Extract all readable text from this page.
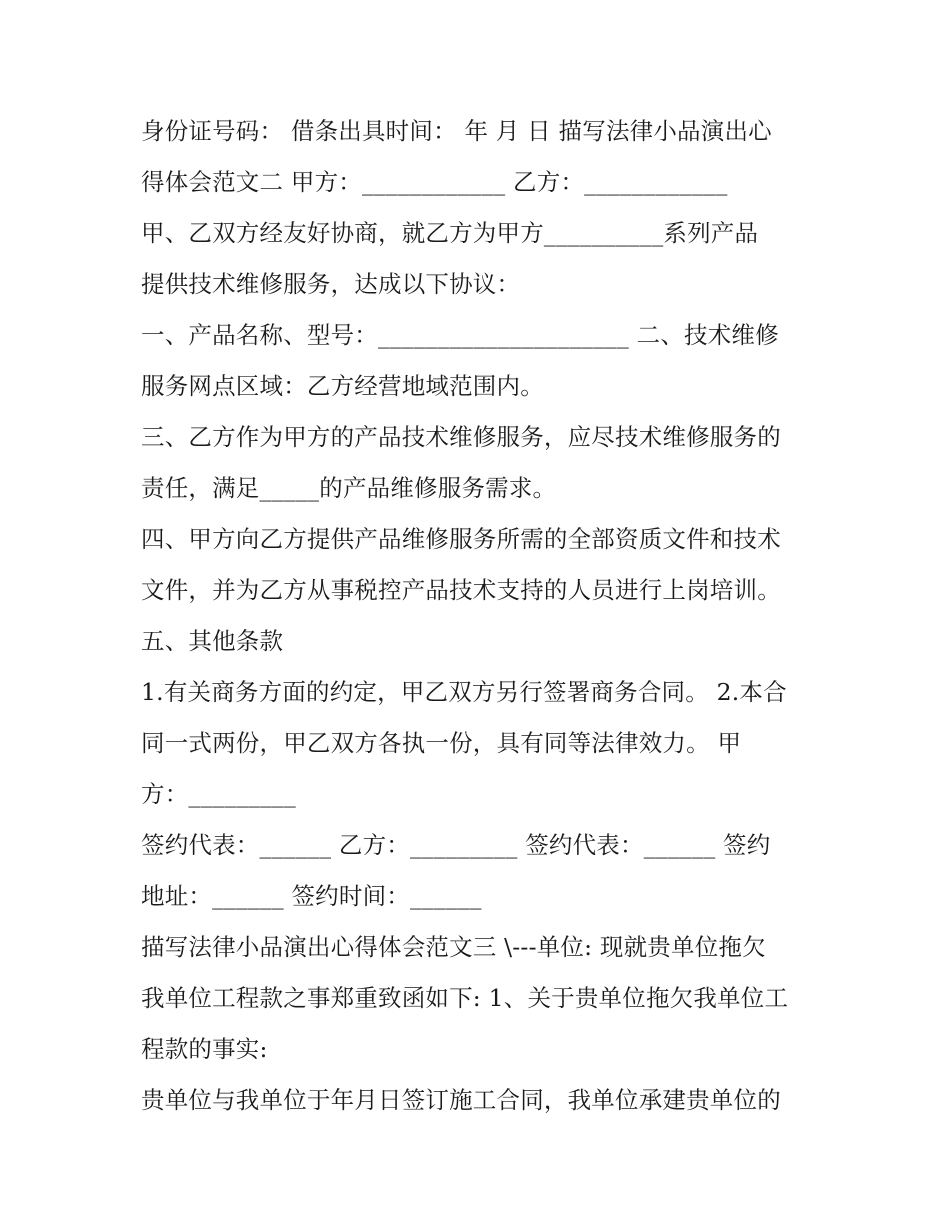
身份证号码： 借条出具时间： 年 月 日 描写法律小品演出心
得体会范文二 甲方：____________ 乙方：____________
甲、乙双方经友好协商，就乙方为甲方__________系列产品
提供技术维修服务，达成以下协议：
一、产品名称、型号：_____________________ 二、技术维修
服务网点区域：乙方经营地域范围内。
三、乙方作为甲方的产品技术维修服务，应尽技术维修服务的
责任，满足_____的产品维修服务需求。
四、甲方向乙方提供产品维修服务所需的全部资质文件和技术
文件，并为乙方从事税控产品技术支持的人员进行上岗培训。
五、其他条款
1.有关商务方面的约定，甲乙双方另行签署商务合同。 2.本合
同一式两份，甲乙双方各执一份，具有同等法律效力。 甲
方：_________
签约代表：______ 乙方：_________ 签约代表：______ 签约
地址：______ 签约时间：______
描写法律小品演出心得体会范文三 \---单位: 现就贵单位拖欠
我单位工程款之事郑重致函如下: 1、关于贵单位拖欠我单位工
程款的事实:
贵单位与我单位于年月日签订施工合同，我单位承建贵单位的
